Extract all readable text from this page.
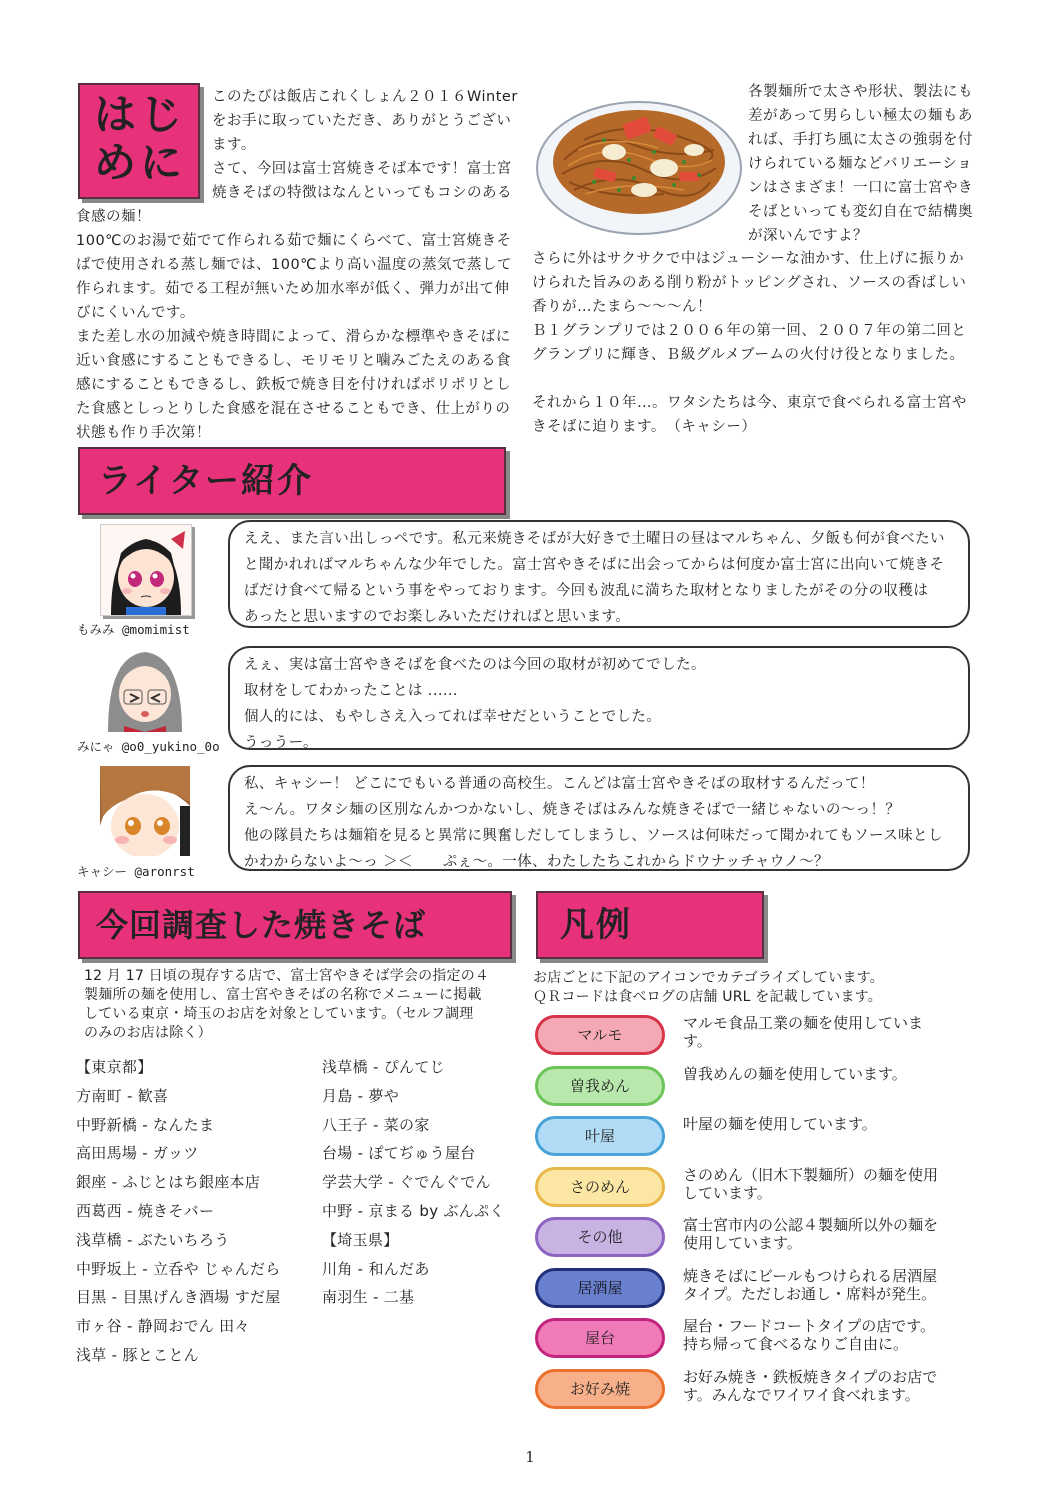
はじ
めに
このたびは飯店これくしょん２０１６Winter
をお手に取っていただき、ありがとうござい
ます。
さて、今回は富士宮焼きそば本です！富士宮
焼きそばの特徴はなんといってもコシのある
食感の麺！
100℃のお湯で茹でて作られる茹で麺にくらべて、富士宮焼きそ
ばで使用される蒸し麺では、100℃より高い温度の蒸気で蒸して
作られます。茹でる工程が無いため加水率が低く、弾力が出て伸
びにくいんです。
また差し水の加減や焼き時間によって、滑らかな標準やきそばに
近い食感にすることもできるし、モリモリと噛みごたえのある食
感にすることもできるし、鉄板で焼き目を付ければポリポリとし
た食感としっとりした食感を混在させることもでき、仕上がりの
状態も作り手次第！
各製麺所で太さや形状、製法にも
差があって男らしい極太の麺もあ
れば、手打ち風に太さの強弱を付
けられている麺などバリエーショ
ンはさまざま！一口に富士宮やき
そばといっても変幻自在で結構奥
が深いんですよ？
さらに外はサクサクで中はジューシーな油かす、仕上げに振りか
けられた旨みのある削り粉がトッピングされ、ソースの香ばしい
香りが…たまら〜〜〜ん！
Ｂ１グランプリでは２００６年の第一回、２００７年の第二回と
グランプリに輝き、Ｂ級グルメブームの火付け役となりました。
それから１０年…。ワタシたちは今、東京で食べられる富士宮や
きそばに迫ります。　（キャシー）
ライター紹介
もみみ @momimist
ええ、また言い出しっぺです。私元来焼きそばが大好きで土曜日の昼はマルちゃん、夕飯も何が食べたい
と聞かれればマルちゃんな少年でした。富士宮やきそばに出会ってからは何度か富士宮に出向いて焼きそ
ばだけ食べて帰るという事をやっております。今回も波乱に満ちた取材となりましたがその分の収穫は
あったと思いますのでお楽しみいただければと思います。
みにゃ @o0_yukino_0o
えぇ、実は富士宮やきそばを食べたのは今回の取材が初めてでした。
取材をしてわかったことは ......
個人的には、もやしさえ入ってれば幸せだということでした。
うっうー。
キャシー @aronrst
私、キャシー！ どこにでもいる普通の高校生。こんどは富士宮やきそばの取材するんだって！
え〜ん。ワタシ麺の区別なんかつかないし、焼きそばはみんな焼きそばで一緒じゃないの〜っ！？
他の隊員たちは麺箱を見ると異常に興奮しだしてしまうし、ソースは何味だって聞かれてもソース味とし
かわからないよ〜っ ＞＜　　ぷぇ〜。一体、わたしたちこれからドウナッチャウノ〜？
今回調査した焼きそば
12 月 17 日頃の現存する店で、富士宮やきそば学会の指定の４
製麺所の麺を使用し、富士宮やきそばの名称でメニューに掲載
している東京・埼玉のお店を対象としています。（セルフ調理
のみのお店は除く）
【東京都】
方南町 - 歓喜
中野新橋 - なんたま
高田馬場 - ガッツ
銀座 - ふじとはち銀座本店
西葛西 - 焼きそバー
浅草橋 - ぶたいちろう
中野坂上 - 立呑や じゃんだら
目黒 - 目黒げんき酒場 すだ屋
市ヶ谷 - 静岡おでん 田々
浅草 - 豚とことん
浅草橋 - ぴんてじ
月島 - 夢や
八王子 - 菜の家
台場 - ぽてぢゅう屋台
学芸大学 - ぐでんぐでん
中野 - 京まる by ぶんぷく
【埼玉県】
川角 - 和んだあ
南羽生 - 二基
凡例
お店ごとに下記のアイコンでカテゴライズしています。
ＱＲコードは食べログの店舗 URL を記載しています。
マルモ
マルモ食品工業の麺を使用していま
す。
曽我めん
曽我めんの麺を使用しています。
叶屋
叶屋の麺を使用しています。
さのめん
さのめん（旧木下製麺所）の麺を使用
しています。
その他
富士宮市内の公認４製麺所以外の麺を
使用しています。
居酒屋
焼きそばにビールもつけられる居酒屋
タイプ。ただしお通し・席料が発生。
屋台
屋台・フードコートタイプの店です。
持ち帰って食べるなりご自由に。
お好み焼
お好み焼き・鉄板焼きタイプのお店で
す。みんなでワイワイ食べれます。
1
